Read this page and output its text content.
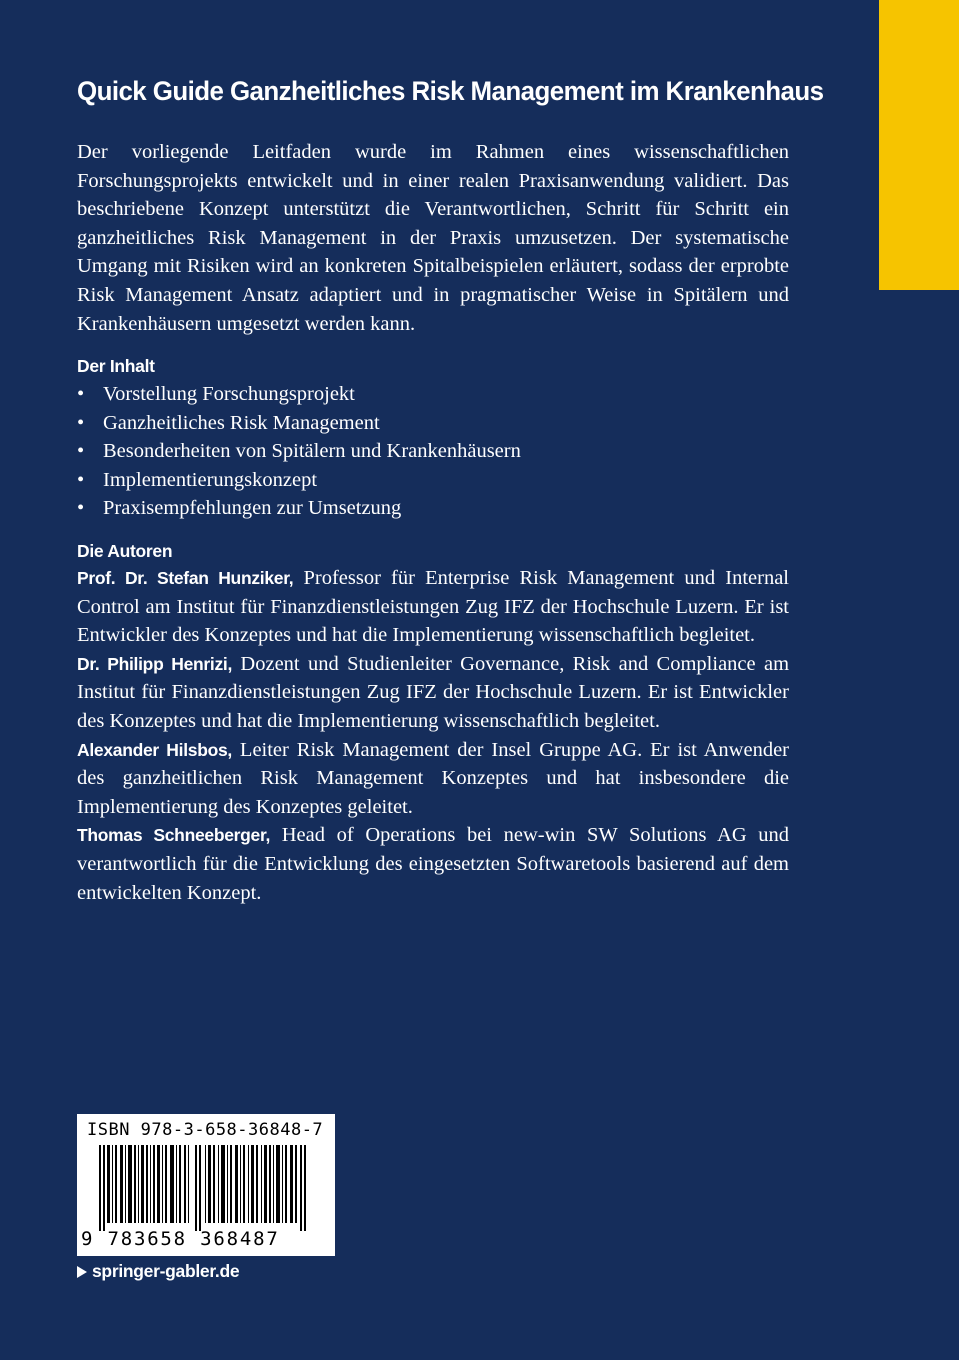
Quick Guide Ganzheitliches Risk Management im Krankenhaus

Der vorliegende Leitfaden wurde im Rahmen eines wissenschaftlichen Forschungsprojekts entwickelt und in einer realen Praxisanwendung validiert. Das beschriebene Konzept unterstützt die Verantwortlichen, Schritt für Schritt ein ganzheitliches Risk Management in der Praxis umzusetzen. Der systematische Umgang mit Risiken wird an konkreten Spitalbeispielen erläutert, sodass der erprobte Risk Management Ansatz adaptiert und in pragmatischer Weise in Spitälern und Krankenhäusern umgesetzt werden kann.

Der Inhalt

• Vorstellung Forschungsprojekt
• Ganzheitliches Risk Management
• Besonderheiten von Spitälern und Krankenhäusern
• Implementierungskonzept
• Praxisempfehlungen zur Umsetzung

Die Autoren

Prof. Dr. Stefan Hunziker, Professor für Enterprise Risk Management und Internal Control am Institut für Finanzdienstleistungen Zug IFZ der Hochschule Luzern. Er ist Entwickler des Konzeptes und hat die Implementierung wissenschaftlich begleitet.

Dr. Philipp Henrizi, Dozent und Studienleiter Governance, Risk and Compliance am Institut für Finanzdienstleistungen Zug IFZ der Hochschule Luzern. Er ist Entwickler des Konzeptes und hat die Implementierung wissenschaftlich begleitet.

Alexander Hilsbos, Leiter Risk Management der Insel Gruppe AG. Er ist Anwender des ganzheitlichen Risk Management Konzeptes und hat insbesondere die Implementierung des Konzeptes geleitet.

Thomas Schneeberger, Head of Operations bei new-win SW Solutions AG und verantwortlich für die Entwicklung des eingesetzten Softwaretools basierend auf dem entwickelten Konzept.

ISBN 978-3-658-36848-7

9 783658 368487

springer-gabler.de
